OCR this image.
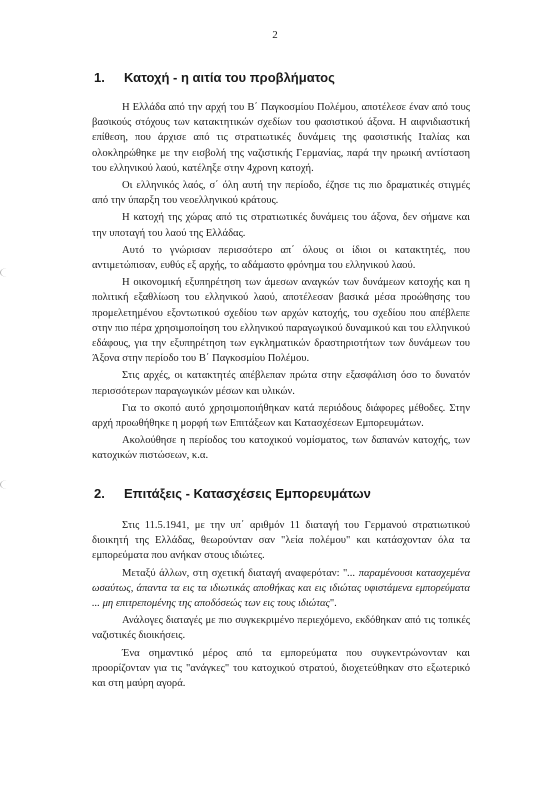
2
1. Κατοχή - η αιτία του προβλήματος

Η Ελλάδα από την αρχή του Β΄ Παγκοσμίου Πολέμου, αποτέλεσε έναν από τους βασικούς στόχους των κατακτητικών σχεδίων του φασιστικού άξονα. Η αιφνιδιαστική επίθεση, που άρχισε από τις στρατιωτικές δυνάμεις της φασιστικής Ιταλίας και ολοκληρώθηκε με την εισβολή της ναζιστικής Γερμανίας, παρά την ηρωική αντίσταση του ελληνικού λαού, κατέληξε στην 4χρονη κατοχή.

Οι ελληνικός λαός, σ΄ όλη αυτή την περίοδο, έζησε τις πιο δραματικές στιγμές από την ύπαρξη του νεοελληνικού κράτους.

Η κατοχή της χώρας από τις στρατιωτικές δυνάμεις του άξονα, δεν σήμανε και την υποταγή του λαού της Ελλάδας.

Αυτό το γνώρισαν περισσότερο απ΄ όλους οι ίδιοι οι κατακτητές, που αντιμετώπισαν, ευθύς εξ αρχής, το αδάμαστο φρόνημα του ελληνικού λαού.

Η οικονομική εξυπηρέτηση των άμεσων αναγκών των δυνάμεων κατοχής και η πολιτική εξαθλίωση του ελληνικού λαού, αποτέλεσαν βασικά μέσα προώθησης του προμελετημένου εξοντωτικού σχεδίου των αρχών κατοχής, του σχεδίου που απέβλεπε στην πιο πέρα χρησιμοποίηση του ελληνικού παραγωγικού δυναμικού και του ελληνικού εδάφους, για την εξυπηρέτηση των εγκληματικών δραστηριοτήτων των δυνάμεων του Άξονα στην περίοδο του Β΄ Παγκοσμίου Πολέμου.

Στις αρχές, οι κατακτητές απέβλεπαν πρώτα στην εξασφάλιση όσο το δυνατόν περισσότερων παραγωγικών μέσων και υλικών.

Για το σκοπό αυτό χρησιμοποιήθηκαν κατά περιόδους διάφορες μέθοδες. Στην αρχή προωθήθηκε η μορφή των Επιτάξεων και Κατασχέσεων Εμπορευμάτων.

Ακολούθησε η περίοδος του κατοχικού νομίσματος, των δαπανών κατοχής, των κατοχικών πιστώσεων, κ.α.

2. Επιτάξεις - Κατασχέσεις Εμπορευμάτων

Στις 11.5.1941, με την υπ΄ αριθμόν 11 διαταγή του Γερμανού στρατιωτικού διοικητή της Ελλάδας, θεωρούνταν σαν "λεία πολέμου" και κατάσχονταν όλα τα εμπορεύματα που ανήκαν στους ιδιώτες.

Μεταξύ άλλων, στη σχετική διαταγή αναφερόταν: "... παραμένουσι κατασχεμένα ωσαύτως, άπαντα τα εις τα ιδιωτικάς αποθήκας και εις ιδιώτας υφιστάμενα εμπορεύματα ... μη επιτρεπομένης της αποδόσεώς των εις τους ιδιώτας".

Ανάλογες διαταγές με πιο συγκεκριμένο περιεχόμενο, εκδόθηκαν από τις τοπικές ναζιστικές διοικήσεις.

Ένα σημαντικό μέρος από τα εμπορεύματα που συγκεντρώνονταν και προορίζονταν για τις "ανάγκες" του κατοχικού στρατού, διοχετεύθηκαν στο εξωτερικό και στη μαύρη αγορά.
